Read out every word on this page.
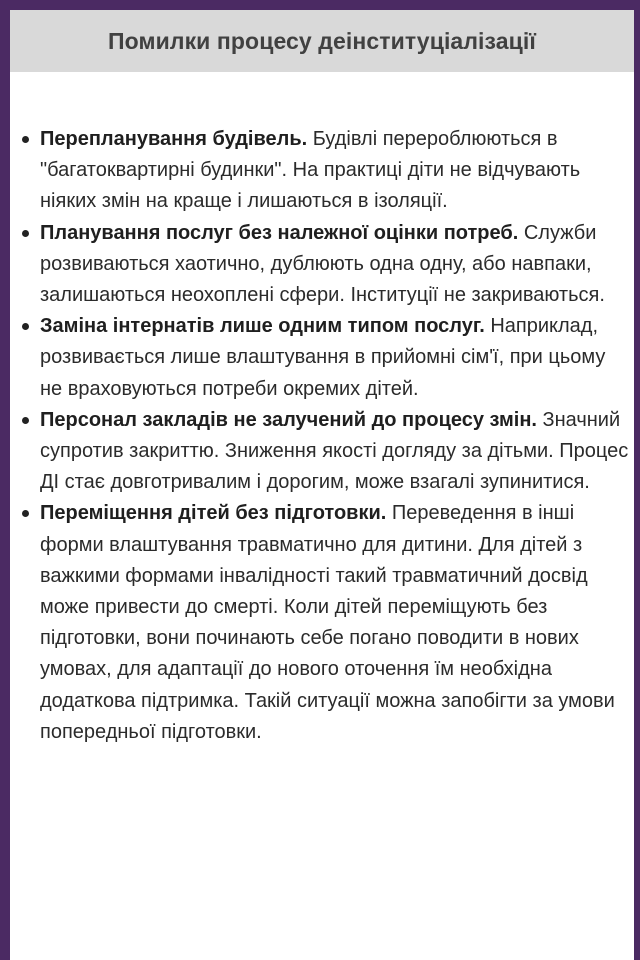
Помилки процесу деінституціалізації
Перепланування будівель. Будівлі перероблюються в "багатоквартирні будинки". На практиці діти не відчувають ніяких змін на краще і лишаються в ізоляції.
Планування послуг без належної оцінки потреб. Служби розвиваються хаотично, дублюють одна одну, або навпаки, залишаються неохоплені сфери. Інституції не закриваються.
Заміна інтернатів лише одним типом послуг. Наприклад, розвивається лише влаштування в прийомні сім'ї, при цьому не враховуються потреби окремих дітей.
Персонал закладів не залучений до процесу змін. Значний супротив закриттю. Зниження якості догляду за дітьми. Процес ДІ стає довготривалим і дорогим, може взагалі зупинитися.
Переміщення дітей без підготовки. Переведення в інші форми влаштування травматично для дитини. Для дітей з важкими формами інвалідності такий травматичний досвід може привести до смерті. Коли дітей переміщують без підготовки, вони починають себе погано поводити в нових умовах, для адаптації до нового оточення їм необхідна додаткова підтримка. Такій ситуації можна запобігти за умови попередньої підготовки.
